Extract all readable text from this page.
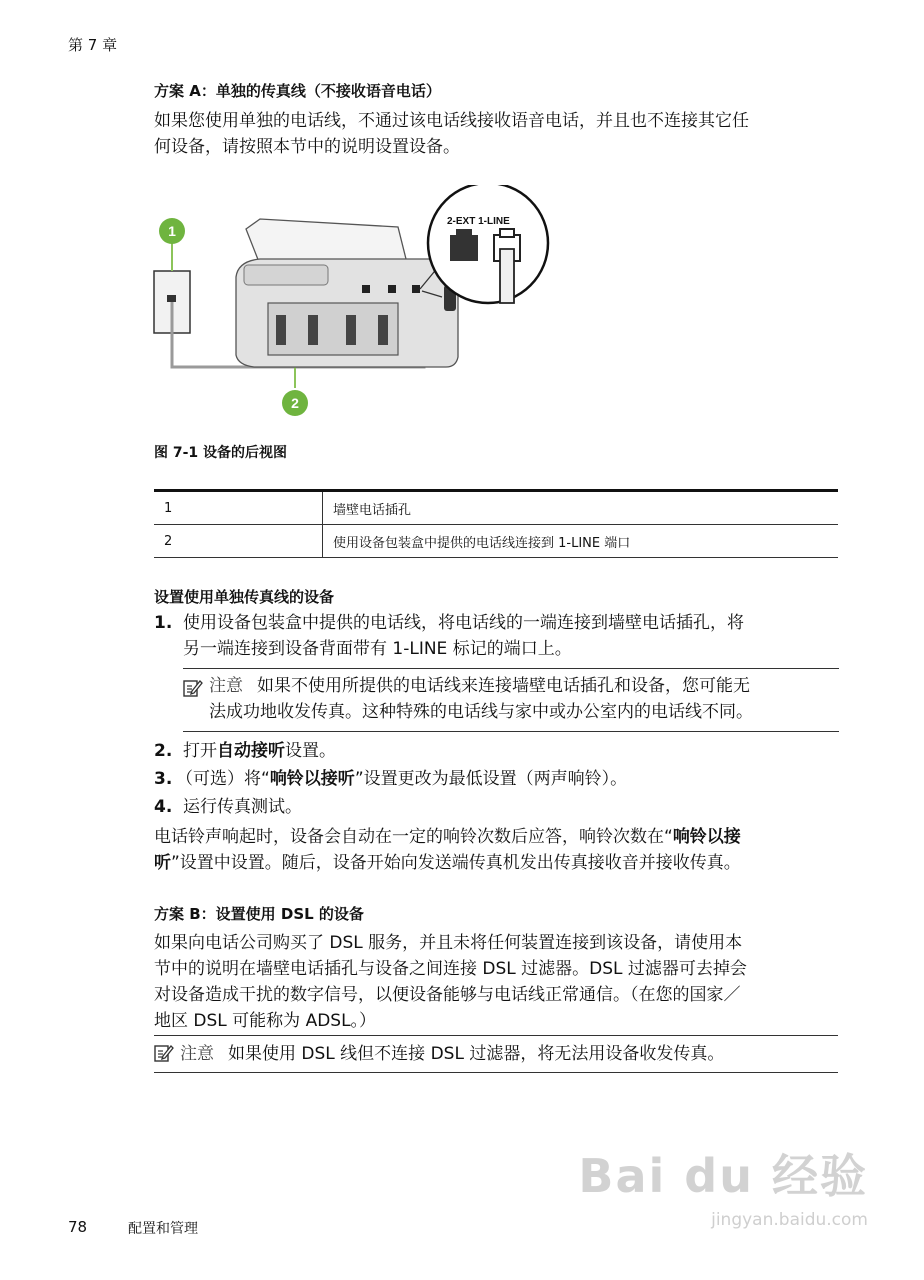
第 7 章
方案 A：单独的传真线（不接收语音电话）
如果您使用单独的电话线，不通过该电话线接收语音电话，并且也不连接其它任
何设备，请按照本节中的说明设置设备。
2-EXT 1-LINE
1
2
图 7-1 设备的后视图
1	墙壁电话插孔
2	使用设备包装盒中提供的电话线连接到 1-LINE 端口
设置使用单独传真线的设备
1. 使用设备包装盒中提供的电话线，将电话线的一端连接到墙壁电话插孔，将
另一端连接到设备背面带有 1-LINE 标记的端口上。
注意 如果不使用所提供的电话线来连接墙壁电话插孔和设备，您可能无
法成功地收发传真。这种特殊的电话线与家中或办公室内的电话线不同。
2. 打开自动接听设置。
3. （可选）将“响铃以接听”设置更改为最低设置（两声响铃）。
4. 运行传真测试。
电话铃声响起时，设备会自动在一定的响铃次数后应答，响铃次数在“响铃以接
听”设置中设置。随后，设备开始向发送端传真机发出传真接收音并接收传真。
方案 B：设置使用 DSL 的设备
如果向电话公司购买了 DSL 服务，并且未将任何装置连接到该设备，请使用本
节中的说明在墙壁电话插孔与设备之间连接 DSL 过滤器。DSL 过滤器可去掉会
对设备造成干扰的数字信号，以便设备能够与电话线正常通信。（在您的国家／
地区 DSL 可能称为 ADSL。）
注意 如果使用 DSL 线但不连接 DSL 过滤器，将无法用设备收发传真。
Bai du 经验
jingyan.baidu.com
78	配置和管理
